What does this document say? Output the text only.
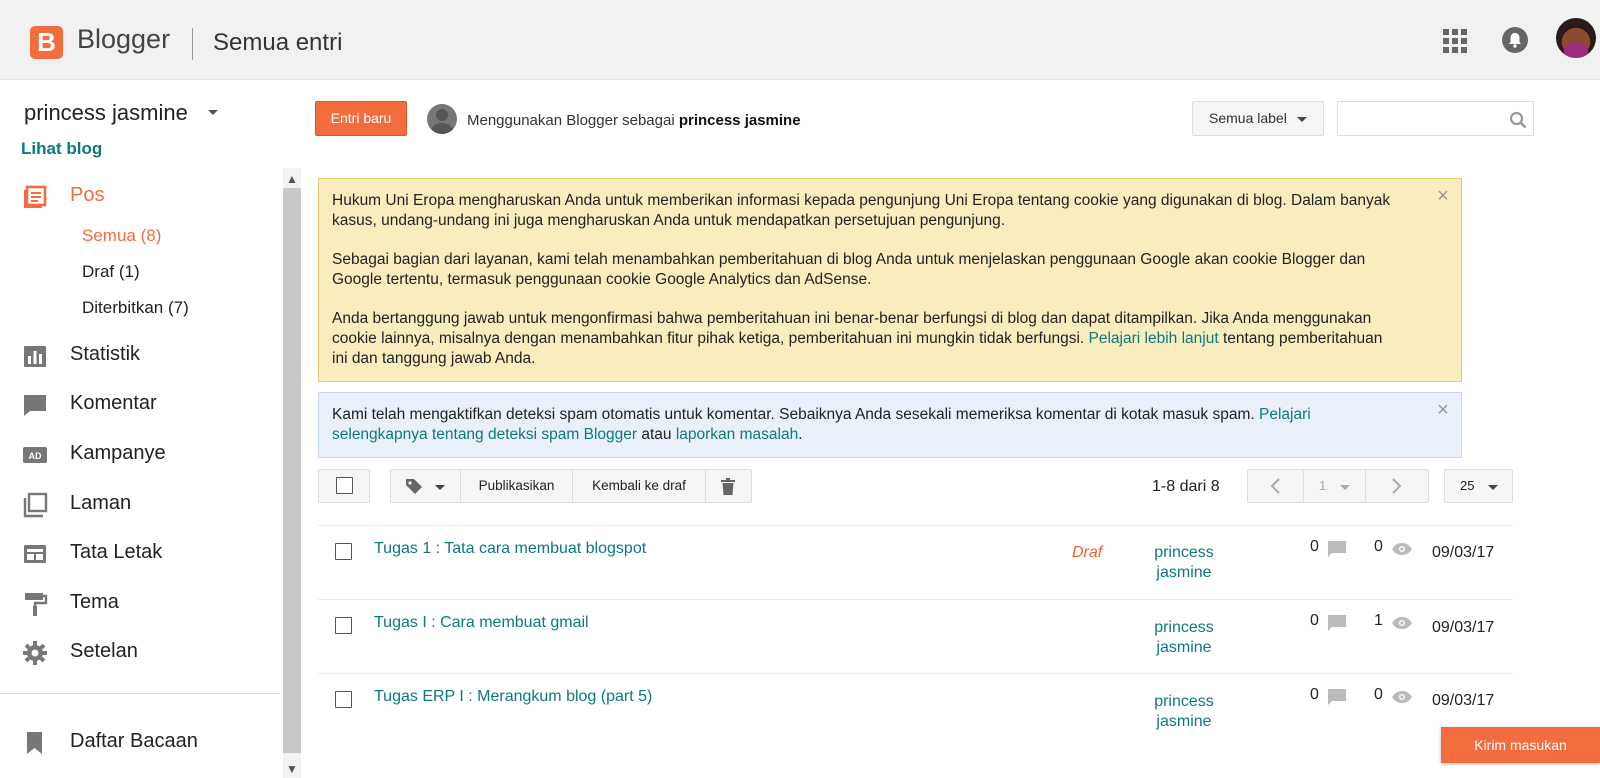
B Blogger Semua entri
princess jasmine
Lihat blog
Pos
Semua (8)
Draf (1)
Diterbitkan (7)
Statistik
Komentar
AD Kampanye
Laman
Tata Letak
Tema
Setelan
Daftar Bacaan
▲
▼
Entri baru	Menggunakan Blogger sebagai princess jasmine	Semua label
Hukum Uni Eropa mengharuskan Anda untuk memberikan informasi kepada pengunjung Uni Eropa tentang cookie yang digunakan di blog. Dalam banyak kasus, undang-undang ini juga mengharuskan Anda untuk mendapatkan persetujuan pengunjung.
Sebagai bagian dari layanan, kami telah menambahkan pemberitahuan di blog Anda untuk menjelaskan penggunaan Google akan cookie Blogger dan Google tertentu, termasuk penggunaan cookie Google Analytics dan AdSense.
Anda bertanggung jawab untuk mengonfirmasi bahwa pemberitahuan ini benar-benar berfungsi di blog dan dapat ditampilkan. Jika Anda menggunakan cookie lainnya, misalnya dengan menambahkan fitur pihak ketiga, pemberitahuan ini mungkin tidak berfungsi. Pelajari lebih lanjut tentang pemberitahuan ini dan tanggung jawab Anda.
×
Kami telah mengaktifkan deteksi spam otomatis untuk komentar. Sebaiknya Anda sesekali memeriksa komentar di kotak masuk spam. Pelajari selengkapnya tentang deteksi spam Blogger atau laporkan masalah.
×
Publikasikan	Kembali ke draf	1-8 dari 8	1	25
Tugas 1 : Tata cara membuat blogspot	Draf	princess
jasmine
0	0	09/03/17
Tugas I : Cara membuat gmail	princess
jasmine
0	1	09/03/17
Tugas ERP I : Merangkum blog (part 5)	princess
jasmine
0	0	09/03/17
Kirim masukan
